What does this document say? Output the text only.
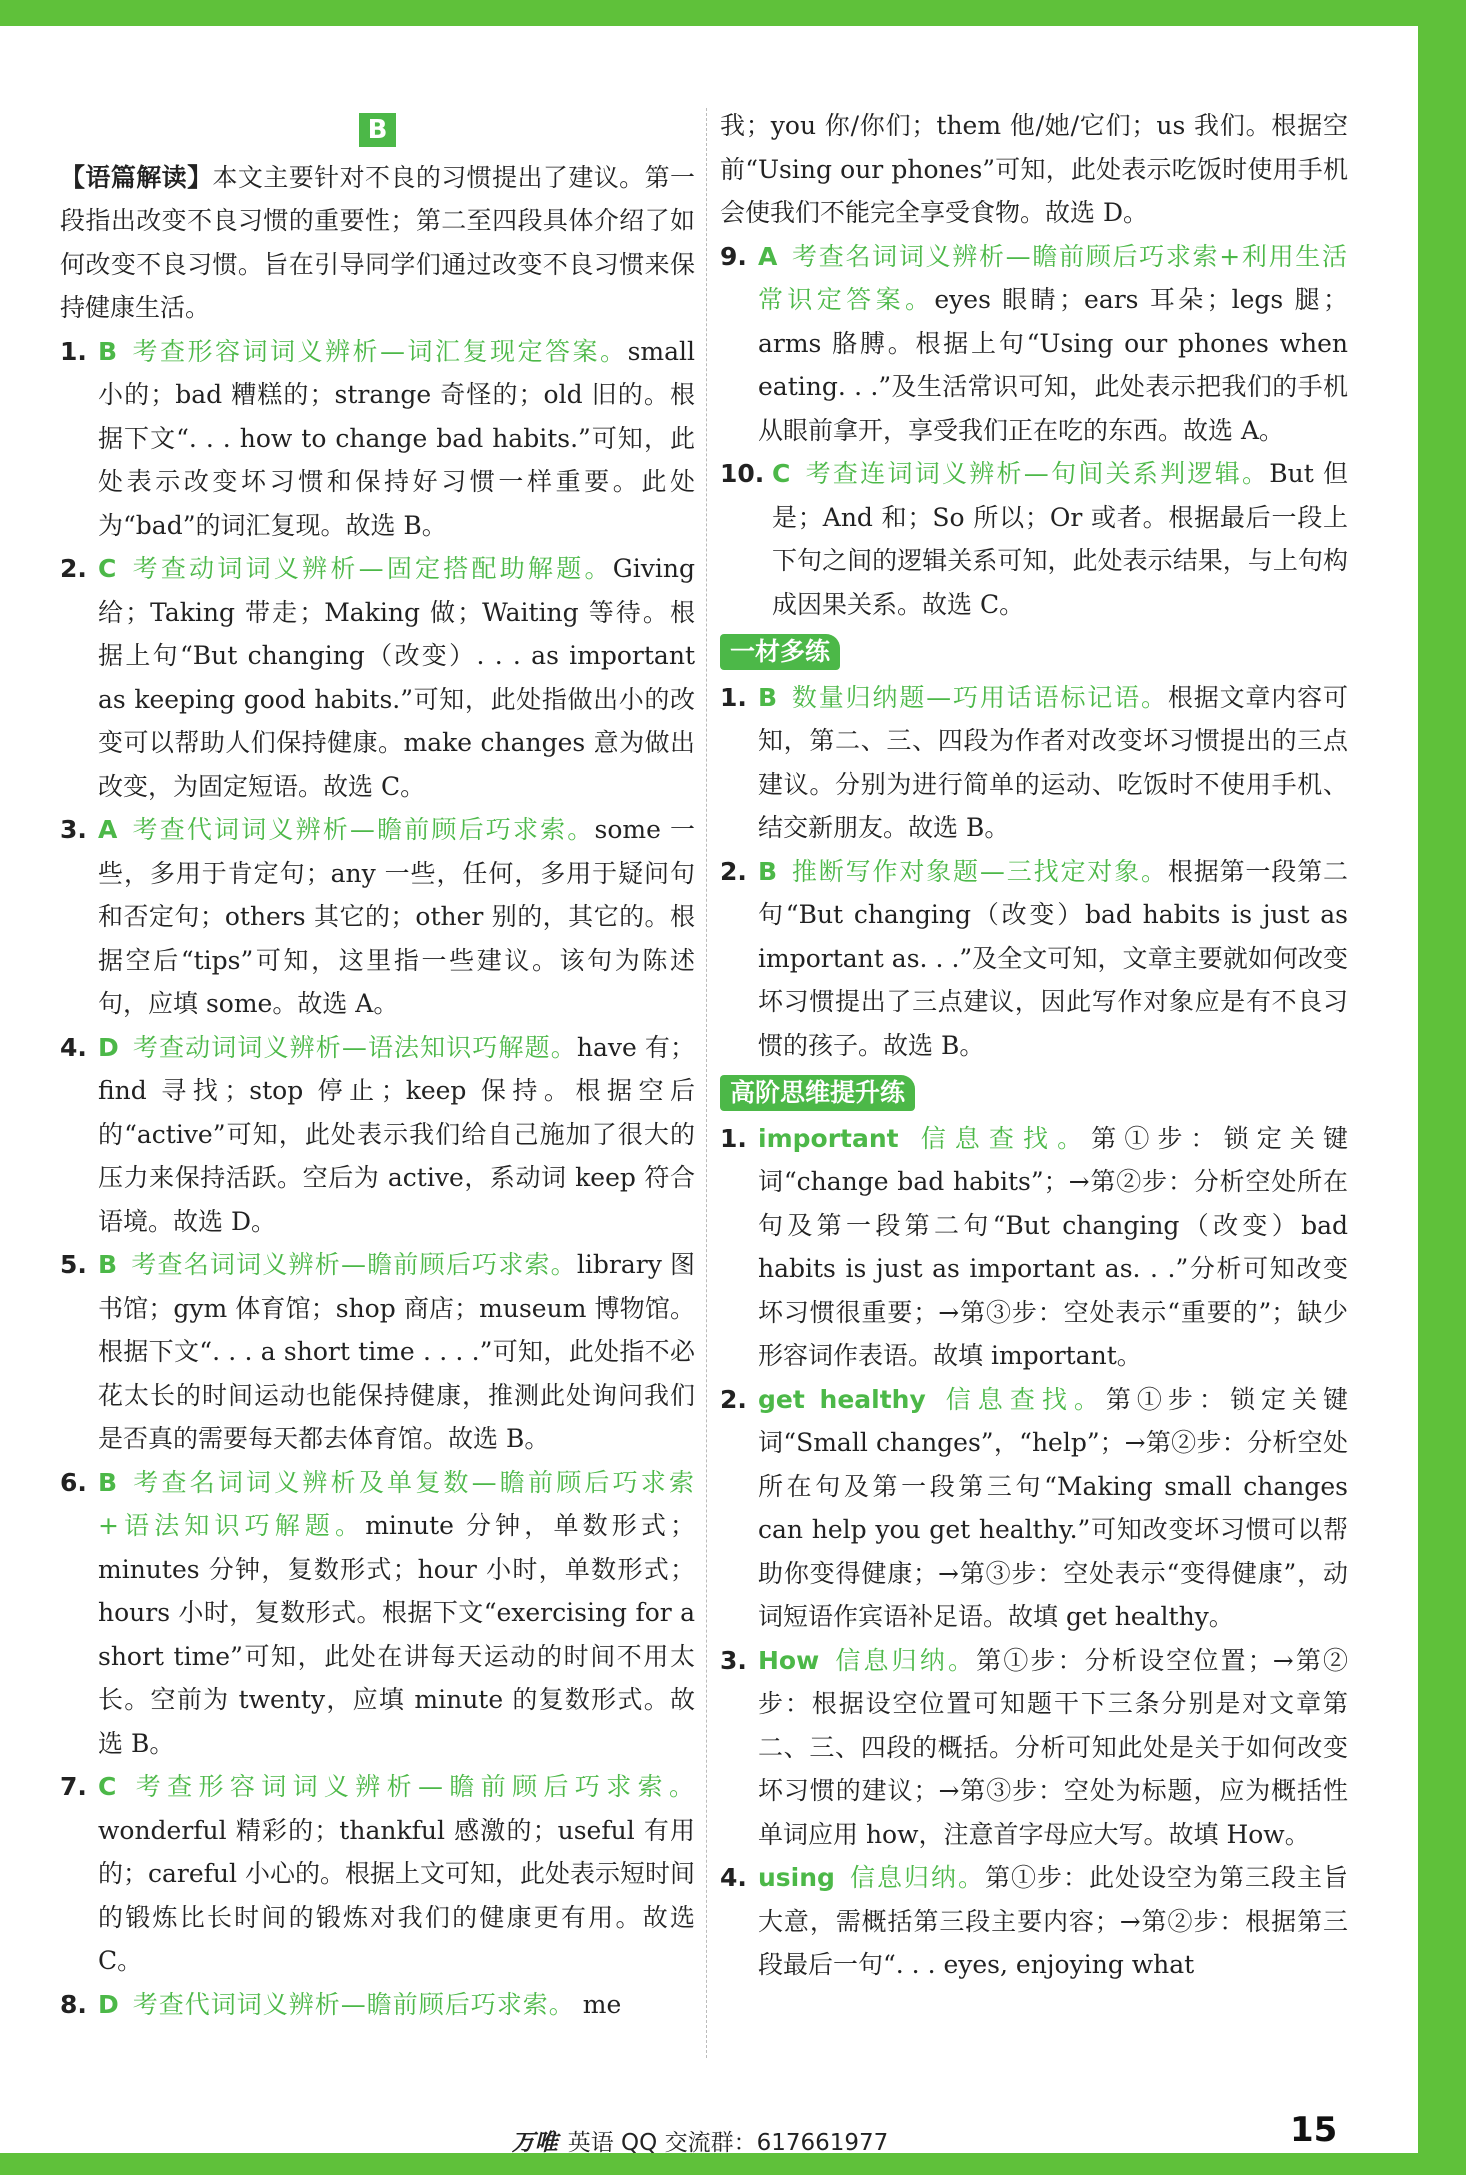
B

【语篇解读】本文主要针对不良的习惯提出了建议。第一段指出改变不良习惯的重要性；第二至四段具体介绍了如何改变不良习惯。旨在引导同学们通过改变不良习惯来保持健康生活。

1. B 考查形容词词义辨析—词汇复现定答案。small 小的；bad 糟糕的；strange 奇怪的；old 旧的。根据下文“. . . how to change bad habits.”可知，此处表示改变坏习惯和保持好习惯一样重要。此处为“bad”的词汇复现。故选 B。
2. C 考查动词词义辨析—固定搭配助解题。Giving 给；Taking 带走；Making 做；Waiting 等待。根据上句“But changing（改变）. . . as important as keeping good habits.”可知，此处指做出小的改变可以帮助人们保持健康。make changes 意为做出改变，为固定短语。故选 C。
3. A 考查代词词义辨析—瞻前顾后巧求索。some 一些，多用于肯定句；any 一些，任何，多用于疑问句和否定句；others 其它的；other 别的，其它的。根据空后“tips”可知，这里指一些建议。该句为陈述句，应填 some。故选 A。
4. D 考查动词词义辨析—语法知识巧解题。have 有；find 寻找；stop 停止；keep 保持。根据空后的“active”可知，此处表示我们给自己施加了很大的压力来保持活跃。空后为 active，系动词 keep 符合语境。故选 D。
5. B 考查名词词义辨析—瞻前顾后巧求索。library 图书馆；gym 体育馆；shop 商店；museum 博物馆。根据下文“. . . a short time . . . .”可知，此处指不必花太长的时间运动也能保持健康，推测此处询问我们是否真的需要每天都去体育馆。故选 B。
6. B 考查名词词义辨析及单复数—瞻前顾后巧求索+语法知识巧解题。minute 分钟，单数形式；minutes 分钟，复数形式；hour 小时，单数形式；hours 小时，复数形式。根据下文“exercising for a short time”可知，此处在讲每天运动的时间不用太长。空前为 twenty，应填 minute 的复数形式。故选 B。
7. C 考查形容词词义辨析—瞻前顾后巧求索。wonderful 精彩的；thankful 感激的；useful 有用的；careful 小心的。根据上文可知，此处表示短时间的锻炼比长时间的锻炼对我们的健康更有用。故选 C。
8. D 考查代词词义辨析—瞻前顾后巧求索。 me

我；you 你/你们；them 他/她/它们；us 我们。根据空前“Using our phones”可知，此处表示吃饭时使用手机会使我们不能完全享受食物。故选 D。

9. A 考查名词词义辨析—瞻前顾后巧求索+利用生活常识定答案。eyes 眼睛；ears 耳朵；legs 腿；arms 胳膊。根据上句“Using our phones when eating. . .”及生活常识可知，此处表示把我们的手机从眼前拿开，享受我们正在吃的东西。故选 A。
10. C 考查连词词义辨析—句间关系判逻辑。But 但是；And 和；So 所以；Or 或者。根据最后一段上下句之间的逻辑关系可知，此处表示结果，与上句构成因果关系。故选 C。
一材多练
1. B 数量归纳题—巧用话语标记语。根据文章内容可知，第二、三、四段为作者对改变坏习惯提出的三点建议。分别为进行简单的运动、吃饭时不使用手机、结交新朋友。故选 B。
2. B 推断写作对象题—三找定对象。根据第一段第二句“But changing（改变）bad habits is just as important as. . .”及全文可知，文章主要就如何改变坏习惯提出了三点建议，因此写作对象应是有不良习惯的孩子。故选 B。
高阶思维提升练
1. important 信息查找。第①步：锁定关键词“change bad habits”；→第②步：分析空处所在句及第一段第二句“But changing（改变）bad habits is just as important as. . .”分析可知改变坏习惯很重要；→第③步：空处表示“重要的”；缺少形容词作表语。故填 important。
2. get healthy 信息查找。第①步：锁定关键词“Small changes”，“help”；→第②步：分析空处所在句及第一段第三句“Making small changes can help you get healthy.”可知改变坏习惯可以帮助你变得健康；→第③步：空处表示“变得健康”，动词短语作宾语补足语。故填 get healthy。
3. How 信息归纳。第①步：分析设空位置；→第②步：根据设空位置可知题干下三条分别是对文章第二、三、四段的概括。分析可知此处是关于如何改变坏习惯的建议；→第③步：空处为标题，应为概括性单词应用 how，注意首字母应大写。故填 How。
4. using 信息归纳。第①步：此处设空为第三段主旨大意，需概括第三段主要内容；→第②步：根据第三段最后一句“. . . eyes, enjoying what
万唯 英语 QQ 交流群：617661977	15
